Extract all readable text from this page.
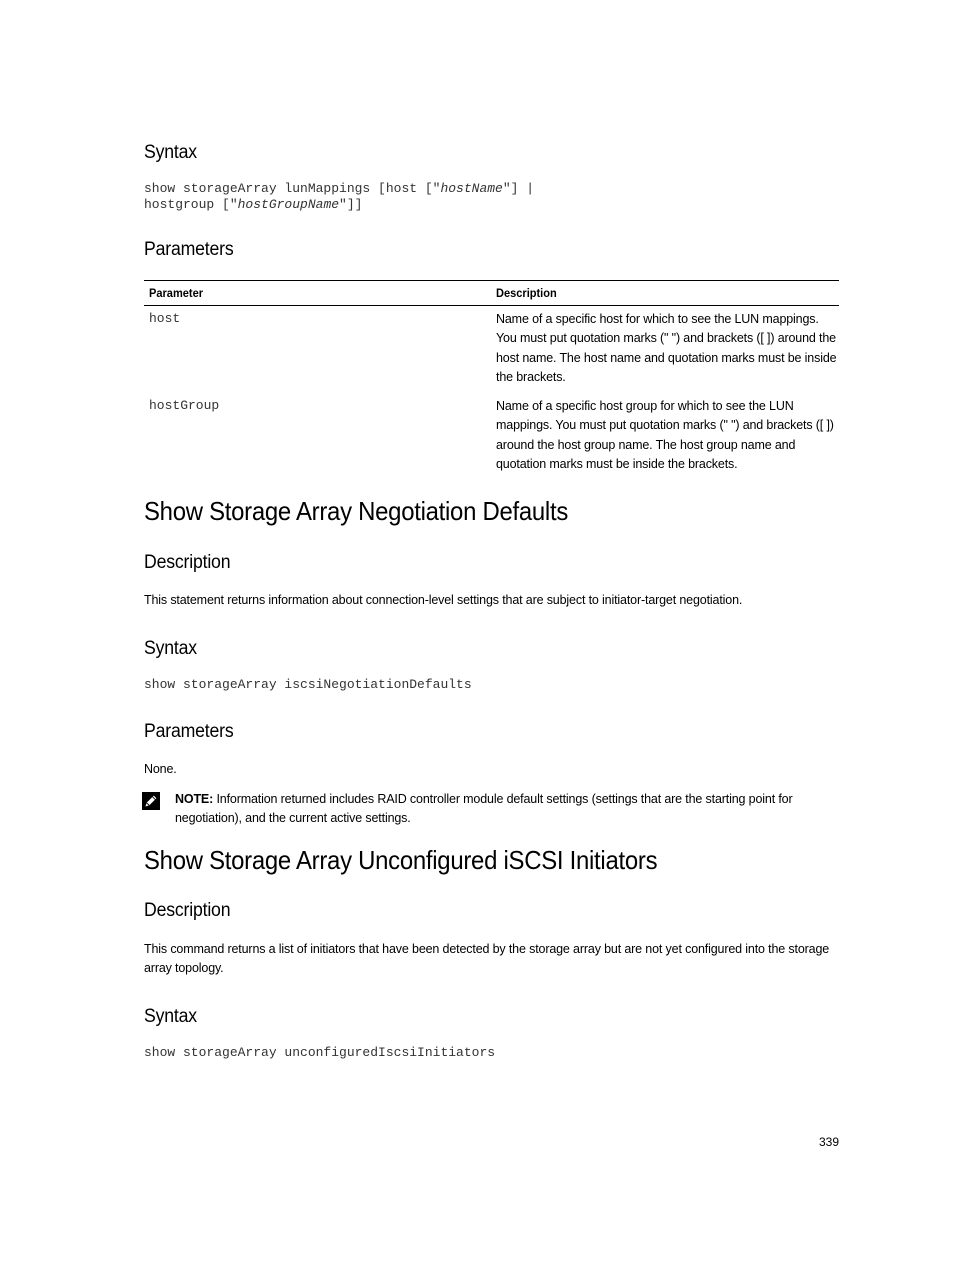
Syntax
show storageArray lunMappings [host ["hostName"] |
hostgroup ["hostGroupName"]]
Parameters
Parameter	Description
host	Name of a specific host for which to see the LUN mappings. You must put quotation marks (" ") and brackets ([ ]) around the host name. The host name and quotation marks must be inside the brackets.
hostGroup	Name of a specific host group for which to see the LUN mappings. You must put quotation marks (" ") and brackets ([ ]) around the host group name. The host group name and quotation marks must be inside the brackets.
Show Storage Array Negotiation Defaults
Description

This statement returns information about connection-level settings that are subject to initiator-target negotiation.

Syntax
show storageArray iscsiNegotiationDefaults
Parameters

None.

NOTE: Information returned includes RAID controller module default settings (settings that are the starting point for negotiation), and the current active settings.
Show Storage Array Unconfigured iSCSI Initiators
Description

This command returns a list of initiators that have been detected by the storage array but are not yet configured into the storage array topology.

Syntax
show storageArray unconfiguredIscsiInitiators
339
